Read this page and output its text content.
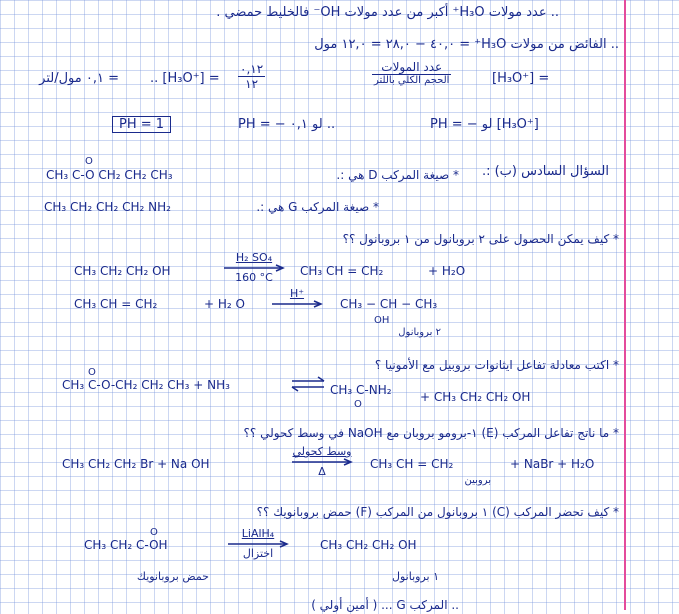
.. عدد مولات H₃O⁺ أكبر من عدد مولات OH⁻ فالخليط حمضي .
.. الفائض من مولات H₃O⁺ = ٤٠,٠ − ٢٨,٠ = ١٢,٠ مول
.. [H₃O⁺] =
٠,١٢
١٢
= ٠,١ مول/لتر
عدد المولات
الحجم الكلي باللتر	[H₃O⁺] =
PH = 1	PH = − لو ٠,١ ..	PH = − لو [H₃O⁺]
السؤال السادس (ب) :.
* صيغة المركب D هي :.
O
CH₃ C-O CH₂ CH₂ CH₃
* صيغة المركب G هي :.
CH₃ CH₂ CH₂ CH₂ NH₂
* كيف يمكن الحصول على ٢ بروبانول من ١ بروبانول ؟؟
CH₃ CH₂ CH₂ OH
H₂ SO₄
160 °C	CH₃ CH = CH₂	+ H₂O
CH₃ CH = CH₂	+ H₂ O
H⁺
CH₃ − CH − CH₃
OH
٢ بروبانول
* اكتب معادلة تفاعل ايثانوات بروبيل مع الأمونيا ؟
O
CH₃ C-O-CH₂ CH₂ CH₃ + NH₃	CH₃ C-NH₂
O
+ CH₃ CH₂ CH₂ OH
* ما ناتج تفاعل المركب (E) ١-برومو بروبان مع NaOH في وسط كحولي ؟؟
CH₃ CH₂ CH₂ Br + Na OH
وسط كحولي
Δ
CH₃ CH = CH₂	+ NaBr + H₂O
بروبين
* كيف تحضر المركب (C) ١ بروبانول من المركب (F) حمض بروبانويك ؟؟
O
CH₃ CH₂ C-OH
LiAlH₄
اختزال
CH₃ CH₂ CH₂ OH
حمض بروبانويك	١ بروبانول
.. المركب G ... ( أمين أولي )
